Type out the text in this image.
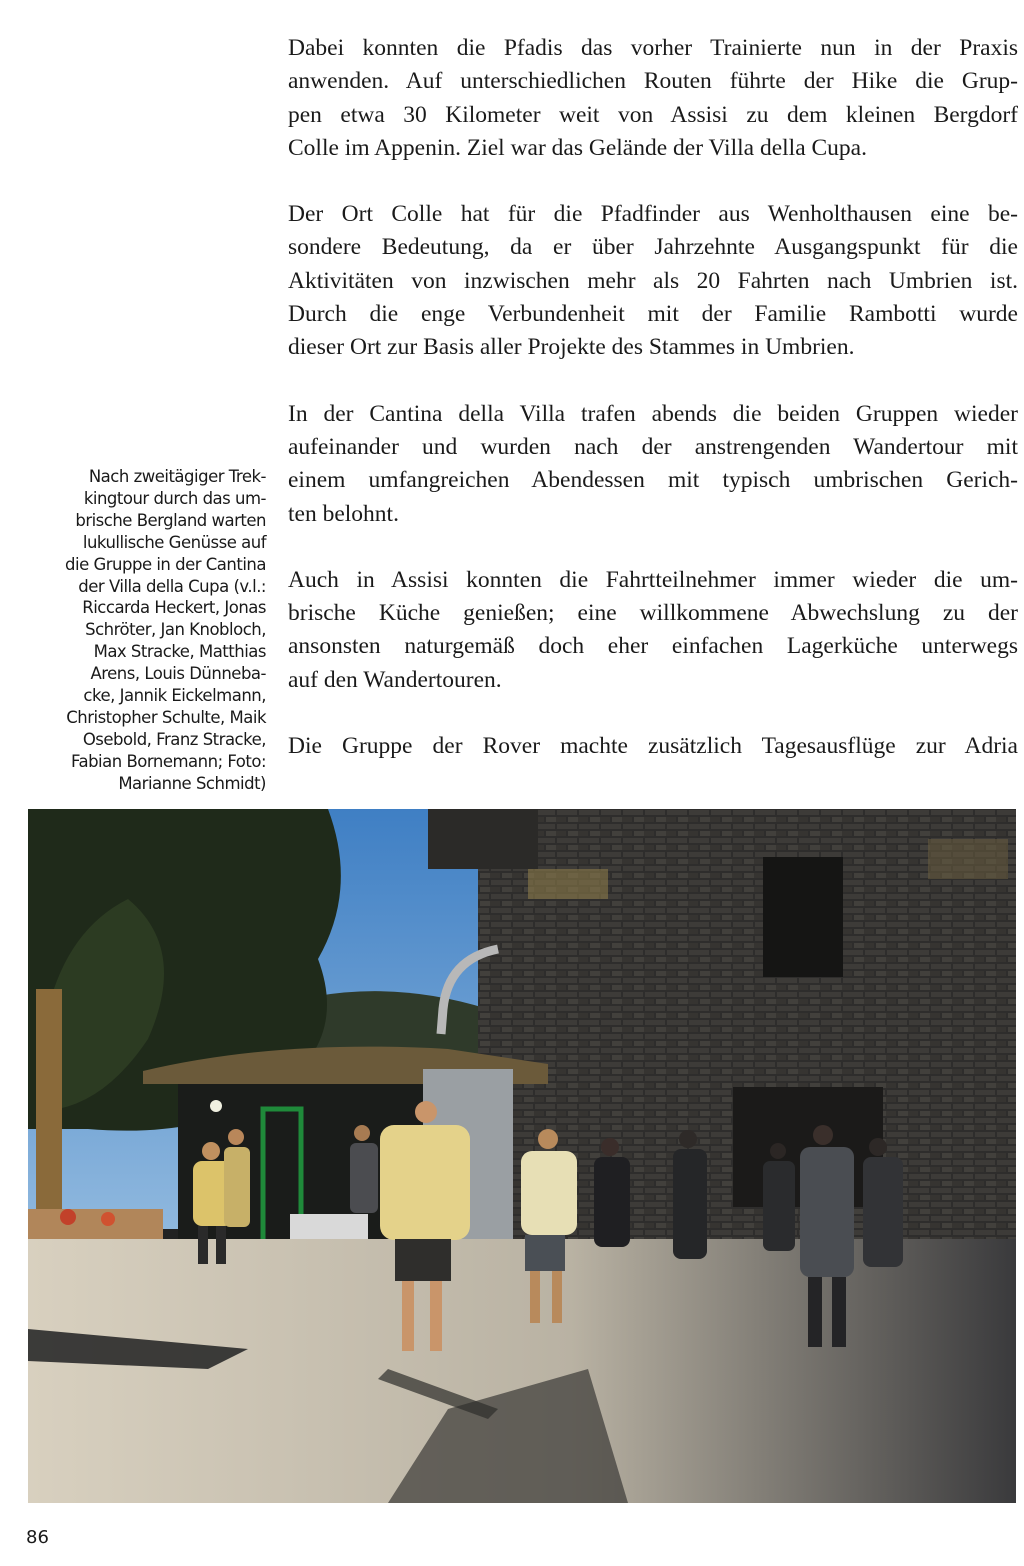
Nach zweitägiger Trek-
kingtour durch das um-
brische Bergland warten
lukullische Genüsse auf
die Gruppe in der Cantina
der Villa della Cupa (v.l.:
Riccarda Heckert, Jonas
Schröter, Jan Knobloch,
Max Stracke, Matthias
Arens, Louis Dünneba-
cke, Jannik Eickelmann,
Christopher Schulte, Maik
Osebold, Franz Stracke,
Fabian Bornemann; Foto:
Marianne Schmidt)
Dabei konnten die Pfadis das vorher Trainierte nun in der Praxis
anwenden. Auf unterschiedlichen Routen führte der Hike die Grup-
pen etwa 30 Kilometer weit von Assisi zu dem kleinen Bergdorf
Colle im Appenin. Ziel war das Gelände der Villa della Cupa.
Der Ort Colle hat für die Pfadfinder aus Wenholthausen eine be-
sondere Bedeutung, da er über Jahrzehnte Ausgangspunkt für die
Aktivitäten von inzwischen mehr als 20 Fahrten nach Umbrien ist.
Durch die enge Verbundenheit mit der Familie Rambotti wurde
dieser Ort zur Basis aller Projekte des Stammes in Umbrien.
In der Cantina della Villa trafen abends die beiden Gruppen wieder
aufeinander und wurden nach der anstrengenden Wandertour mit
einem umfangreichen Abendessen mit typisch umbrischen Gerich-
ten belohnt.
Auch in Assisi konnten die Fahrtteilnehmer immer wieder die um-
brische Küche genießen; eine willkommene Abwechslung zu der
ansonsten naturgemäß doch eher einfachen Lagerküche unterwegs
auf den Wandertouren.
Die Gruppe der Rover machte zusätzlich Tagesausflüge zur Adria
86
